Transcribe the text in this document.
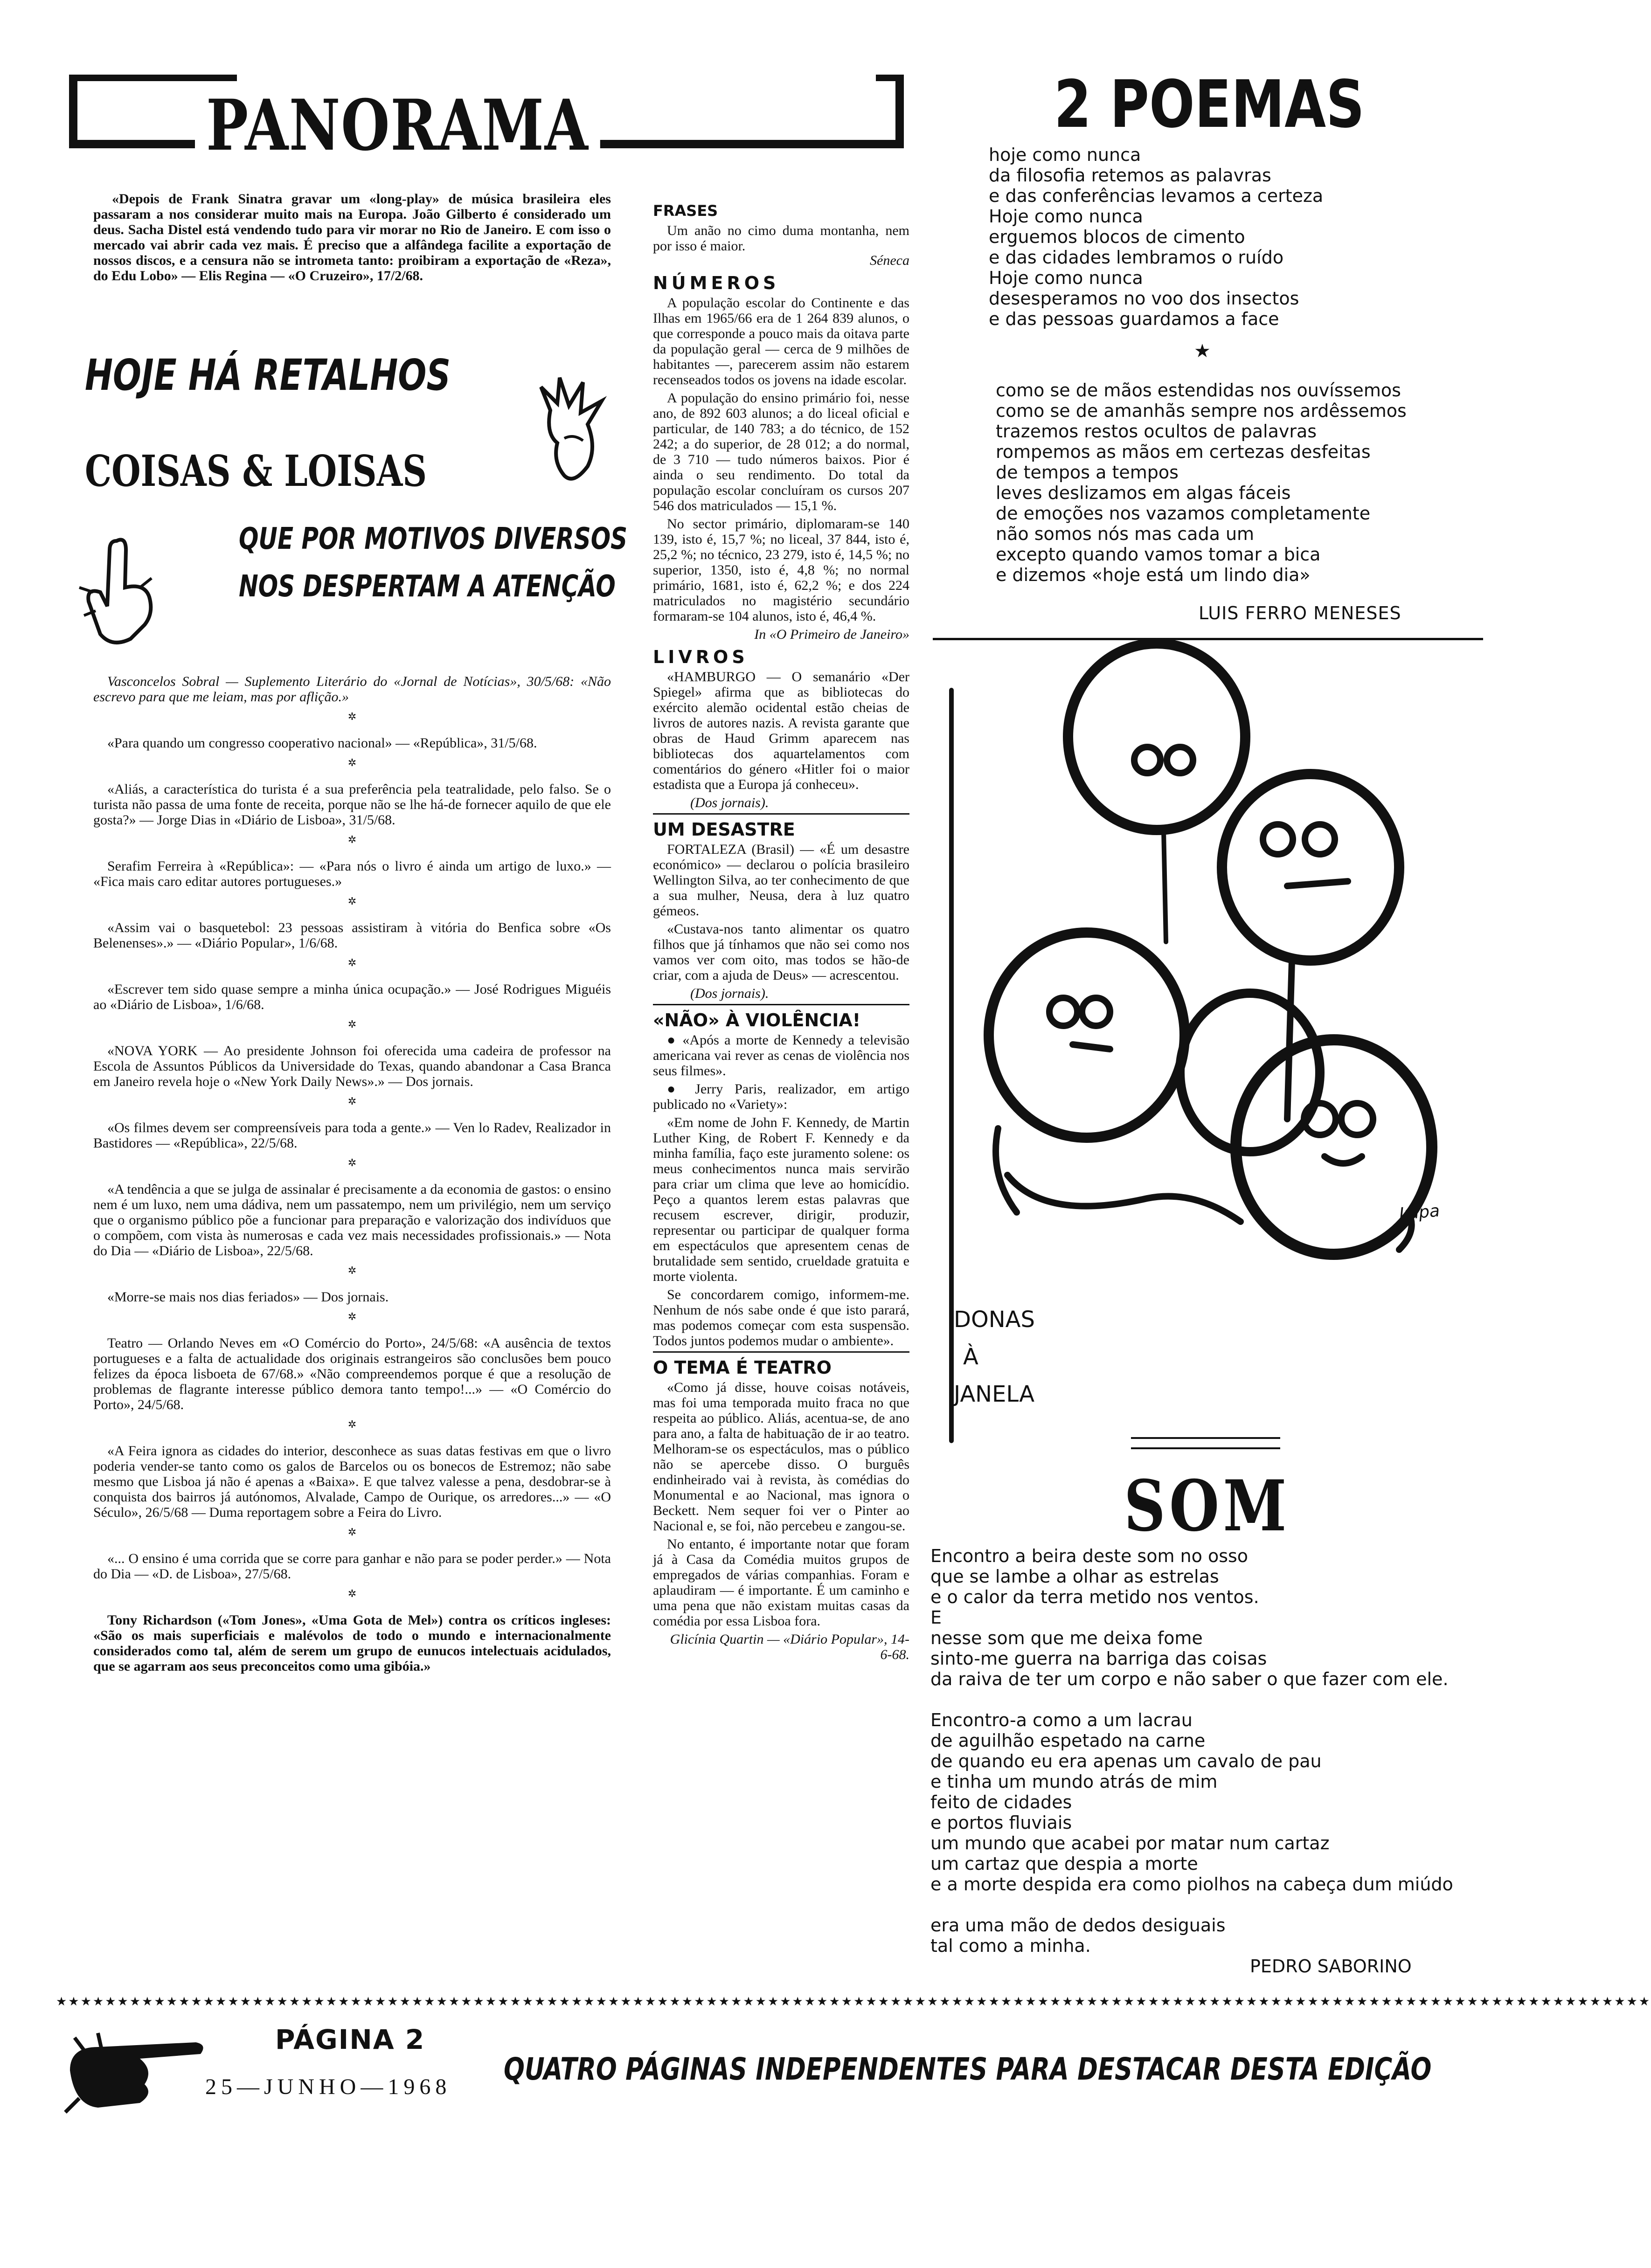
PANORAMA

«Depois de Frank Sinatra gravar um «long-play» de música brasileira eles passaram a nos considerar muito mais na Europa. João Gilberto é considerado um deus. Sacha Distel está vendendo tudo para vir morar no Rio de Janeiro. E com isso o mercado vai abrir cada vez mais. É preciso que a alfândega facilite a exportação de nossos discos, e a censura não se intrometa tanto: proibiram a exportação de «Reza», do Edu Lobo» — Elis Regina — «O Cruzeiro», 17/2/68.

HOJE HÁ RETALHOS
COISAS & LOISAS
QUE POR MOTIVOS DIVERSOS
NOS DESPERTAM A ATENÇÃO

Vasconcelos Sobral — Suplemento Literário do «Jornal de Notícias», 30/5/68: «Não escrevo para que me leiam, mas por aflição.»

✲

«Para quando um congresso cooperativo nacional» — «República», 31/5/68.

✲

«Aliás, a característica do turista é a sua preferência pela teatralidade, pelo falso. Se o turista não passa de uma fonte de receita, porque não se lhe há-de fornecer aquilo de que ele gosta?» — Jorge Dias in «Diário de Lisboa», 31/5/68.

✲

Serafim Ferreira à «República»: — «Para nós o livro é ainda um artigo de luxo.» — «Fica mais caro editar autores portugueses.»

✲

«Assim vai o basquetebol: 23 pessoas assistiram à vitória do Benfica sobre «Os Belenenses».» — «Diário Popular», 1/6/68.

✲

«Escrever tem sido quase sempre a minha única ocupação.» — José Rodrigues Miguéis ao «Diário de Lisboa», 1/6/68.

✲

«NOVA YORK — Ao presidente Johnson foi oferecida uma cadeira de professor na Escola de Assuntos Públicos da Universidade do Texas, quando abandonar a Casa Branca em Janeiro revela hoje o «New York Daily News».» — Dos jornais.

✲

«Os filmes devem ser compreensíveis para toda a gente.» — Ven lo Radev, Realizador in Bastidores — «República», 22/5/68.

✲

«A tendência a que se julga de assinalar é precisamente a da economia de gastos: o ensino nem é um luxo, nem uma dádiva, nem um passatempo, nem um privilégio, nem um serviço que o organismo público põe a funcionar para preparação e valorização dos indivíduos que o compõem, com vista às numerosas e cada vez mais necessidades profissionais.» — Nota do Dia — «Diário de Lisboa», 22/5/68.

✲

«Morre-se mais nos dias feriados» — Dos jornais.

✲

Teatro — Orlando Neves em «O Comércio do Porto», 24/5/68: «A ausência de textos portugueses e a falta de actualidade dos originais estrangeiros são conclusões bem pouco felizes da época lisboeta de 67/68.» «Não compreendemos porque é que a resolução de problemas de flagrante interesse público demora tanto tempo!...» — «O Comércio do Porto», 24/5/68.

✲

«A Feira ignora as cidades do interior, desconhece as suas datas festivas em que o livro poderia vender-se tanto como os galos de Barcelos ou os bonecos de Estremoz; não sabe mesmo que Lisboa já não é apenas a «Baixa». E que talvez valesse a pena, desdobrar-se à conquista dos bairros já autónomos, Alvalade, Campo de Ourique, os arredores...» — «O Século», 26/5/68 — Duma reportagem sobre a Feira do Livro.

✲

«... O ensino é uma corrida que se corre para ganhar e não para se poder perder.» — Nota do Dia — «D. de Lisboa», 27/5/68.

✲

Tony Richardson («Tom Jones», «Uma Gota de Mel») contra os críticos ingleses: «São os mais superficiais e malévolos de todo o mundo e internacionalmente considerados como tal, além de serem um grupo de eunucos intelectuais acidulados, que se agarram aos seus preconceitos como uma gibóia.»

FRASES

Um anão no cimo duma montanha, nem por isso é maior.

Séneca

NÚMEROS

A população escolar do Continente e das Ilhas em 1965/66 era de 1 264 839 alunos, o que corresponde a pouco mais da oitava parte da população geral — cerca de 9 milhões de habitantes —, parecerem assim não estarem recenseados todos os jovens na idade escolar.

A população do ensino primário foi, nesse ano, de 892 603 alunos; a do liceal oficial e particular, de 140 783; a do técnico, de 152 242; a do superior, de 28 012; a do normal, de 3 710 — tudo números baixos. Pior é ainda o seu rendimento. Do total da população escolar concluíram os cursos 207 546 dos matriculados — 15,1 %.

No sector primário, diplomaram-se 140 139, isto é, 15,7 %; no liceal, 37 844, isto é, 25,2 %; no técnico, 23 279, isto é, 14,5 %; no superior, 1350, isto é, 4,8 %; no normal primário, 1681, isto é, 62,2 %; e dos 224 matriculados no magistério secundário formaram-se 104 alunos, isto é, 46,4 %.

In «O Primeiro de Janeiro»

LIVROS

«HAMBURGO — O semanário «Der Spiegel» afirma que as bibliotecas do exército alemão ocidental estão cheias de livros de autores nazis. A revista garante que obras de Haud Grimm aparecem nas bibliotecas dos aquartelamentos com comentários do género «Hitler foi o maior estadista que a Europa já conheceu».

(Dos jornais).

UM DESASTRE

FORTALEZA (Brasil) — «É um desastre económico» — declarou o polícia brasileiro Wellington Silva, ao ter conhecimento de que a sua mulher, Neusa, dera à luz quatro gémeos.

«Custava-nos tanto alimentar os quatro filhos que já tínhamos que não sei como nos vamos ver com oito, mas todos se hão-de criar, com a ajuda de Deus» — acrescentou.

(Dos jornais).

«NÃO» À VIOLÊNCIA!

● «Após a morte de Kennedy a televisão americana vai rever as cenas de violência nos seus filmes».

● Jerry Paris, realizador, em artigo publicado no «Variety»:

«Em nome de John F. Kennedy, de Martin Luther King, de Robert F. Kennedy e da minha família, faço este juramento solene: os meus conhecimentos nunca mais servirão para criar um clima que leve ao homicídio. Peço a quantos lerem estas palavras que recusem escrever, dirigir, produzir, representar ou participar de qualquer forma em espectáculos que apresentem cenas de brutalidade sem sentido, crueldade gratuita e morte violenta.

Se concordarem comigo, informem-me. Nenhum de nós sabe onde é que isto parará, mas podemos começar com esta suspensão. Todos juntos podemos mudar o ambiente».

O TEMA É TEATRO

«Como já disse, houve coisas notáveis, mas foi uma temporada muito fraca no que respeita ao público. Aliás, acentua-se, de ano para ano, a falta de habituação de ir ao teatro. Melhoram-se os espectáculos, mas o público não se apercebe disso. O burguês endinheirado vai à revista, às comédias do Monumental e ao Nacional, mas ignora o Beckett. Nem sequer foi ver o Pinter ao Nacional e, se foi, não percebeu e zangou-se.

No entanto, é importante notar que foram já à Casa da Comédia muitos grupos de empregados de várias companhias. Foram e aplaudiram — é importante. É um caminho e uma pena que não existam muitas casas da comédia por essa Lisboa fora.

Glicínia Quartin — «Diário Popular», 14-6-68.

2 POEMAS
hoje como nunca
da filosofia retemos as palavras
e das conferências levamos a certeza
Hoje como nunca
erguemos blocos de cimento
e das cidades lembramos o ruído
Hoje como nunca
desesperamos no voo dos insectos
e das pessoas guardamos a face
★
como se de mãos estendidas nos ouvíssemos
como se de amanhãs sempre nos ardêssemos
trazemos restos ocultos de palavras
rompemos as mãos em certezas desfeitas
de tempos a tempos
leves deslizamos em algas fáceis
de emoções nos vazamos completamente
não somos nós mas cada um
excepto quando vamos tomar a bica
e dizemos «hoje está um lindo dia»
LUIS FERRO MENESES
Lapa
DONAS
À
JANELA
SOM
Encontro a beira deste som no osso
que se lambe a olhar as estrelas
e o calor da terra metido nos ventos.
E
nesse som que me deixa fome
sinto-me guerra na barriga das coisas
da raiva de ter um corpo e não saber o que fazer com ele.
Encontro-a como a um lacrau
de aguilhão espetado na carne
de quando eu era apenas um cavalo de pau
e tinha um mundo atrás de mim
feito de cidades
e portos fluviais
um mundo que acabei por matar num cartaz
um cartaz que despia a morte
e a morte despida era como piolhos na cabeça dum miúdo
era uma mão de dedos desiguais
tal como a minha.
PEDRO SABORINO
★★★★★★★★★★★★★★★★★★★★★★★★★★★★★★★★★★★★★★★★★★★★★★★★★★★★★★★★★★★★★★★★★★★★★★★★★★★★★★★★★★★★★★★★★★★★★★★★★★★★★★★★★★★★★★★★★★★★★★★★★★★★★★★★★★
PÁGINA 2
25—JUNHO—1968 QUATRO PÁGINAS INDEPENDENTES PARA DESTACAR DESTA EDIÇÃO
